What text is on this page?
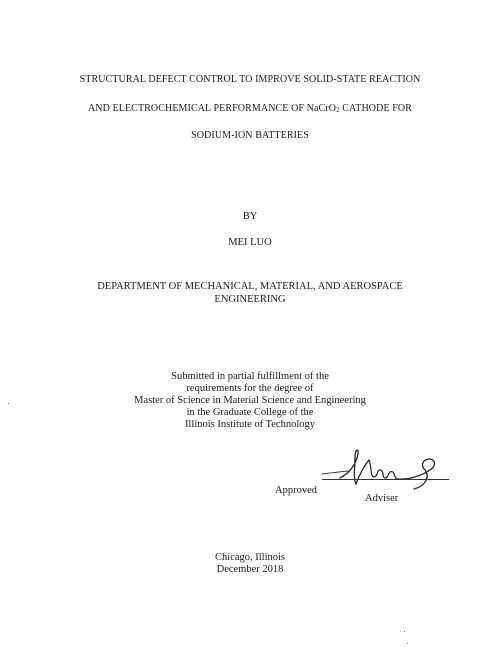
STRUCTURAL DEFECT CONTROL TO IMPROVE SOLID-STATE REACTION
AND ELECTROCHEMICAL PERFORMANCE OF NaCrO$_2$ CATHODE FOR
SODIUM-ION BATTERIES
BY
MEI LUO
DEPARTMENT OF MECHANICAL, MATERIAL, AND AEROSPACE
ENGINEERING
Submitted in partial fulfillment of the
requirements for the degree of
Master of Science in Material Science and Engineering
in the Graduate College of the
Illinois Institute of Technology
Approved
Adviser
Chicago, Illinois
December 2018
